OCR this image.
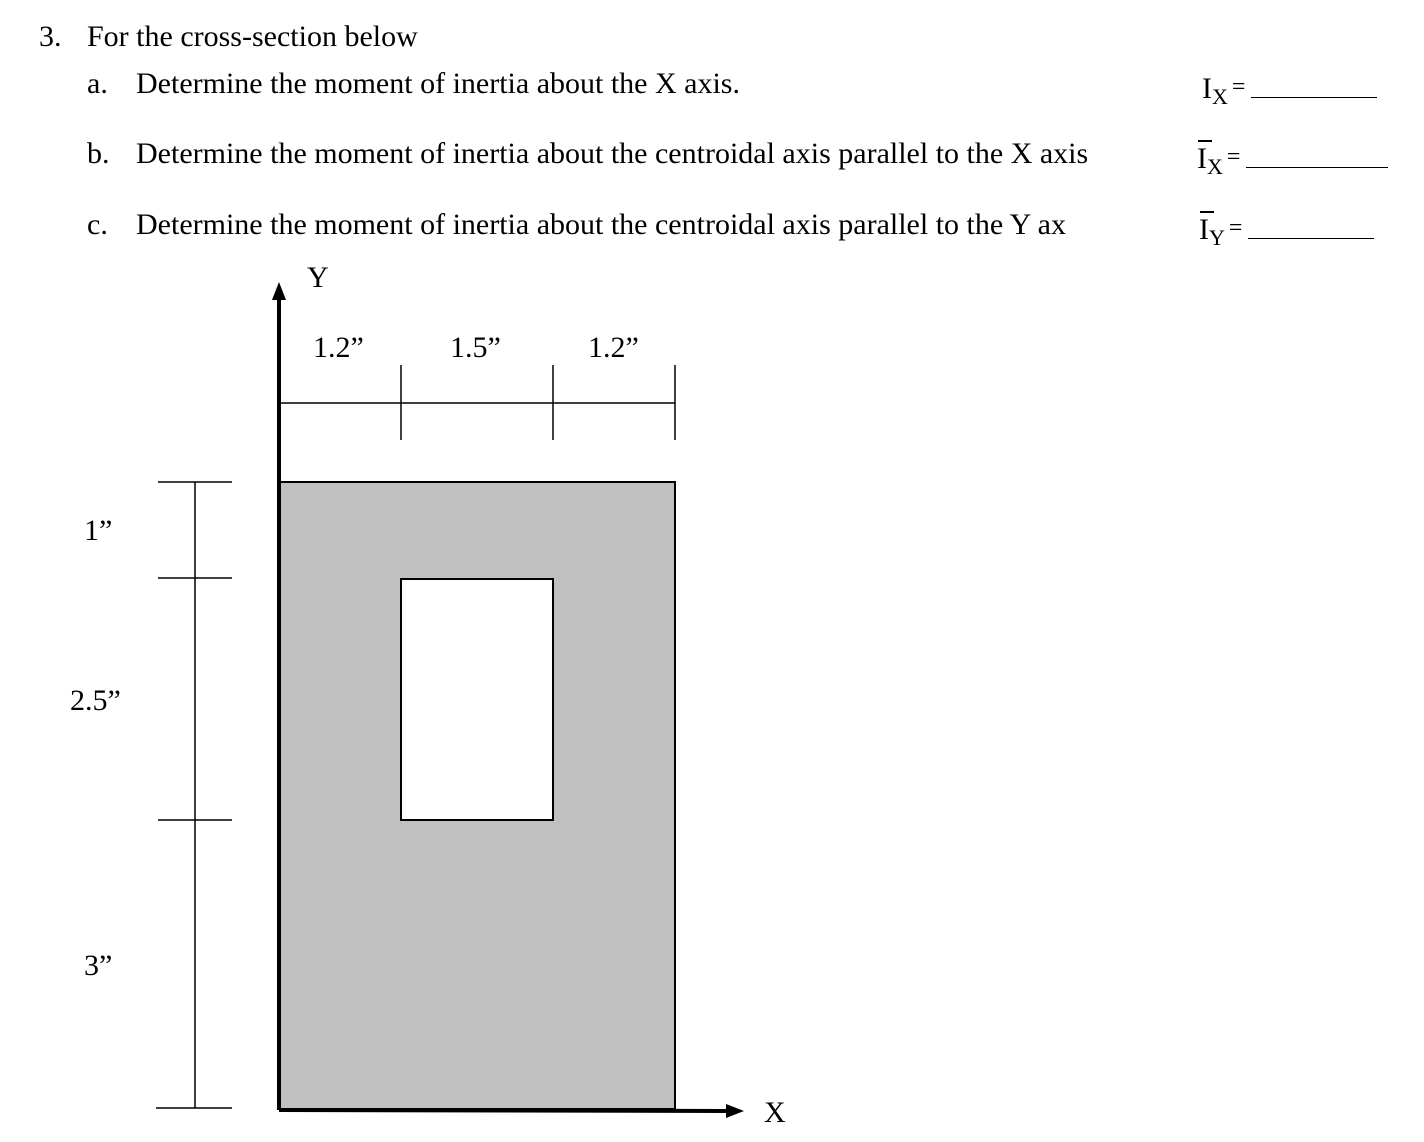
3. For the cross-section below
a. Determine the moment of inertia about the X axis.
b. Determine the moment of inertia about the centroidal axis parallel to the X axis
c. Determine the moment of inertia about the centroidal axis parallel to the Y ax
$I_X$ =
$I_X$ =
$I_Y$ =
Y
X
1.2”	1.5”	1.2”
1”
2.5”
3”
